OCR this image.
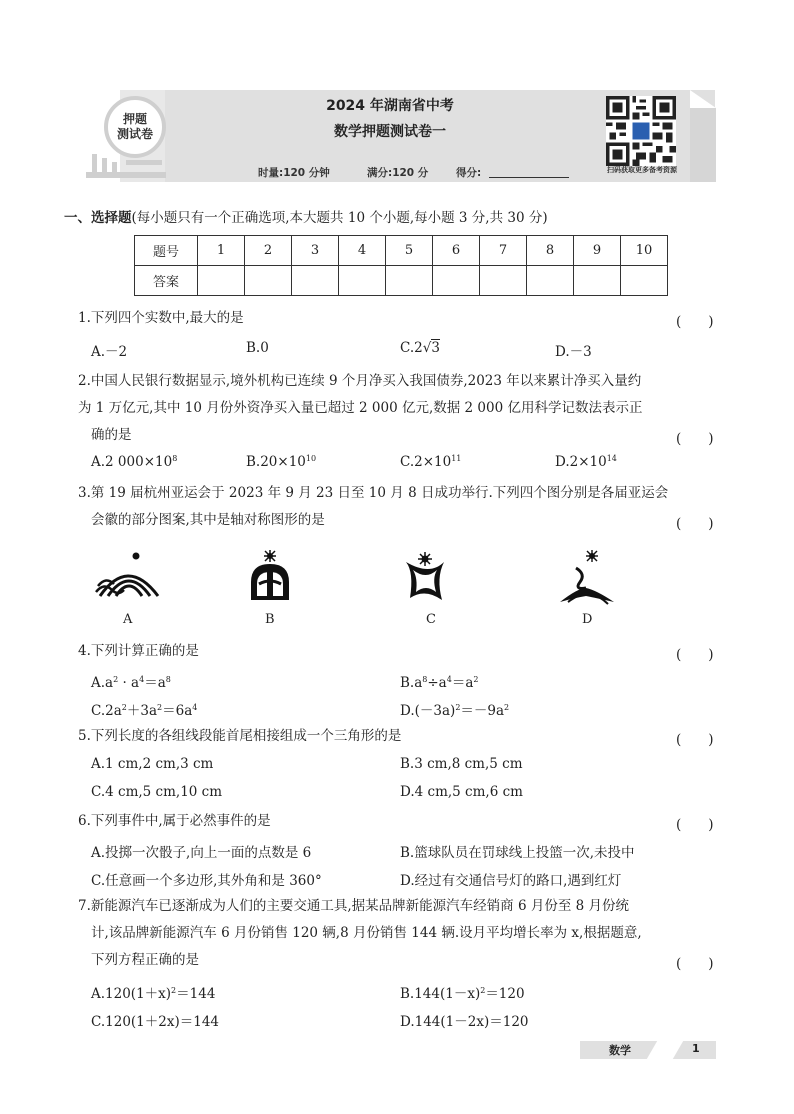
押题
测试卷
2024 年湖南省中考
数学押题测试卷一
时量:120 分钟	满分:120 分	得分:	扫码获取更多备考资源
一、选择题(每小题只有一个正确选项,本大题共 10 个小题,每小题 3 分,共 30 分)
题号	1	2	3	4	5	6	7	8	9	10
答案										
1.下列四个实数中,最大的是	(　　)
A.－2	B.0	C.2√3	D.－3
2.中国人民银行数据显示,境外机构已连续 9 个月净买入我国债券,2023 年以来累计净买入量约
为 1 万亿元,其中 10 月份外资净买入量已超过 2 000 亿元,数据 2 000 亿用科学记数法表示正
确的是	(　　)
A.2 $000\times 10^8$	$B.20\times 10^{10}$	$C.2\times 10^{11}$	$D.2\times 10^{14}$
3.第 19 届杭州亚运会于 2023 年 9 月 23 日至 10 月 8 日成功举行.下列四个图分别是各届亚运会
会徽的部分图案,其中是轴对称图形的是	(　　)
A	B	C	D
4.下列计算正确的是	(　　)
$A.a^2 \cdot a^4=a^8$	$B.a^8\div a^4=a^2$
$C.2a^2+3a^2=6a^4$	$D.(-3a)^2=-9a^2$
5.下列长度的各组线段能首尾相接组成一个三角形的是	(　　)
A.1 cm,2 cm,3 cm	B.3 cm,8 cm,5 cm
C.4 cm,5 cm,10 cm	D.4 cm,5 cm,6 cm
6.下列事件中,属于必然事件的是	(　　)
A.投掷一次骰子,向上一面的点数是 6	B.篮球队员在罚球线上投篮一次,未投中
C.任意画一个多边形,其外角和是 360°	D.经过有交通信号灯的路口,遇到红灯
7.新能源汽车已逐渐成为人们的主要交通工具,据某品牌新能源汽车经销商 6 月份至 8 月份统
计,该品牌新能源汽车 6 月份销售 120 辆,8 月份销售 144 辆.设月平均增长率为 x,根据题意,
下列方程正确的是	(　　)
$A.120(1+x)^2=144$	$B.144(1-x)^2=120$
C.120(1＋2x)＝144	D.144(1－2x)＝120
数学	1
